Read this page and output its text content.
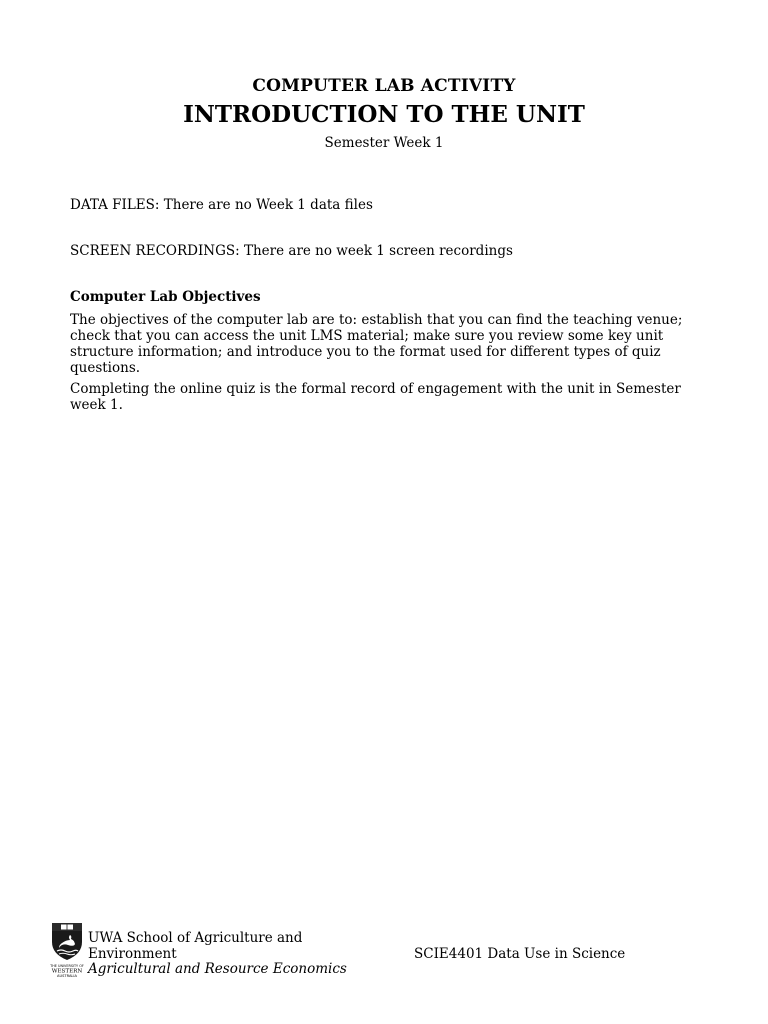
COMPUTER LAB ACTIVITY
INTRODUCTION TO THE UNIT
Semester Week 1
DATA FILES: There are no Week 1 data files
SCREEN RECORDINGS: There are no week 1 screen recordings
Computer Lab Objectives
The objectives of the computer lab are to: establish that you can find the teaching venue; check that you can access the unit LMS material; make sure you review some key unit structure information; and introduce you to the format used for different types of quiz questions.
Completing the online quiz is the formal record of engagement with the unit in Semester week 1.
THE UNIVERSITY OF
WESTERN
AUSTRALIA
UWA School of Agriculture and
Environment
Agricultural and Resource Economics
SCIE4401 Data Use in Science
